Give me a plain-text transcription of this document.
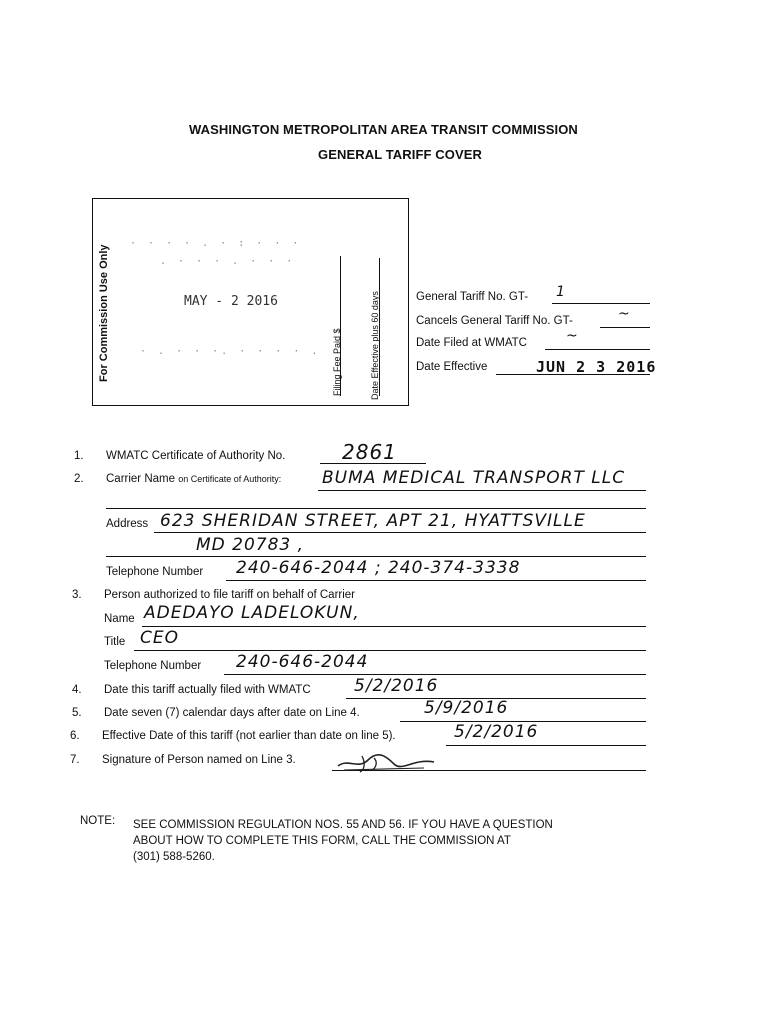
WASHINGTON METROPOLITAN AREA TRANSIT COMMISSION
GENERAL TARIFF COVER
For Commission Use Only
· · · · . · : · · ·
. · · · . · · ·
MAY - 2 2016
· . · · ·. · · · · . Filing Fee Paid $	Date Effective plus 60 days	General Tariff No. GT- 1
Cancels General Tariff No. GT-	~
Date Filed at WMATC	~
Date Effective	JUN 2 3 2016
1. WMATC Certificate of Authority No.	2861
2. Carrier Name on Certificate of Authority: BUMA MEDICAL TRANSPORT LLC
Address 623 SHERIDAN STREET, APT 21, HYATTSVILLE
MD 20783 ,
Telephone Number 240-646-2044 ; 240-374-3338
3. Person authorized to file tariff on behalf of Carrier
Name ADEDAYO LADELOKUN,
Title CEO
Telephone Number 240-646-2044
4. Date this tariff actually filed with WMATC	5/2/2016
5. Date seven (7) calendar days after date on Line 4.	5/9/2016
6. Effective Date of this tariff (not earlier than date on line 5).	5/2/2016
7. Signature of Person named on Line 3.
NOTE: SEE COMMISSION REGULATION NOS. 55 AND 56. IF YOU HAVE A QUESTION
ABOUT HOW TO COMPLETE THIS FORM, CALL THE COMMISSION AT
(301) 588-5260.
